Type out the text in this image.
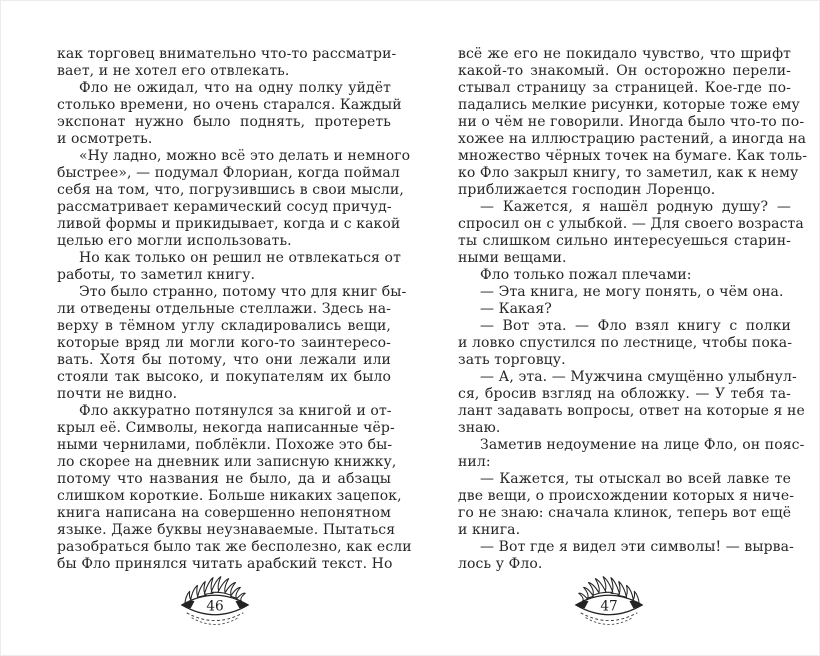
как торговец внимательно что-то рассматри-
вает, и не хотел его отвлекать.
Фло не ожидал, что на одну полку уйдёт
столько времени, но очень старался. Каждый
экспонат нужно было поднять, протереть
и осмотреть.
«Ну ладно, можно всё это делать и немного
быстрее», — подумал Флориан, когда поймал
себя на том, что, погрузившись в свои мысли,
рассматривает керамический сосуд причуд-
ливой формы и прикидывает, когда и с какой
целью его могли использовать.
Но как только он решил не отвлекаться от
работы, то заметил книгу.
Это было странно, потому что для книг бы-
ли отведены отдельные стеллажи. Здесь на-
верху в тёмном углу складировались вещи,
которые вряд ли могли кого-то заинтересо-
вать. Хотя бы потому, что они лежали или
стояли так высоко, и покупателям их было
почти не видно.
Фло аккуратно потянулся за книгой и от-
крыл её. Символы, некогда написанные чёр-
ными чернилами, поблёкли. Похоже это бы-
ло скорее на дневник или записную книжку,
потому что названия не было, да и абзацы
слишком короткие. Больше никаких зацепок,
книга написана на совершенно непонятном
языке. Даже буквы неузнаваемые. Пытаться
разобраться было так же бесполезно, как если
бы Фло принялся читать арабский текст. Но
всё же его не покидало чувство, что шрифт
какой-то знакомый. Он осторожно перели-
стывал страницу за страницей. Кое-где по-
падались мелкие рисунки, которые тоже ему
ни о чём не говорили. Иногда было что-то по-
хожее на иллюстрацию растений, а иногда на
множество чёрных точек на бумаге. Как толь-
ко Фло закрыл книгу, то заметил, как к нему
приближается господин Лоренцо.
— Кажется, я нашёл родную душу? —
спросил он с улыбкой. — Для своего возраста
ты слишком сильно интересуешься старин-
ными вещами.
Фло только пожал плечами:
— Эта книга, не могу понять, о чём она.
— Какая?
— Вот эта. — Фло взял книгу с полки
и ловко спустился по лестнице, чтобы пока-
зать торговцу.
— А, эта. — Мужчина смущённо улыбнул-
ся, бросив взгляд на обложку. — У тебя та-
лант задавать вопросы, ответ на которые я не
знаю.
Заметив недоумение на лице Фло, он пояс-
нил:
— Кажется, ты отыскал во всей лавке те
две вещи, о происхождении которых я ниче-
го не знаю: сначала клинок, теперь вот ещё
и книга.
— Вот где я видел эти символы! — вырва-
лось у Фло.
46	47
